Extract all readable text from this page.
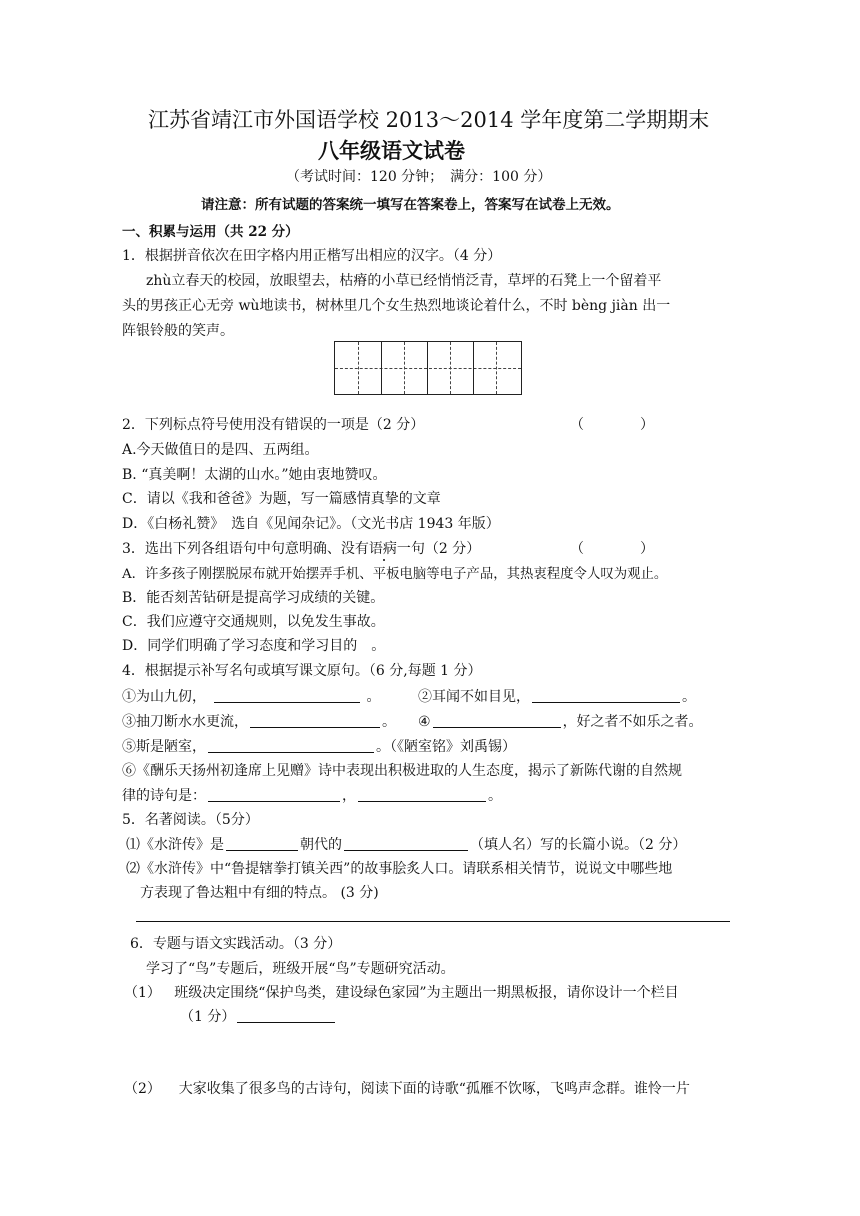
江苏省靖江市外国语学校 2013～2014 学年度第二学期期末
八年级语文试卷
（考试时间：120 分钟；　满分：100 分）
请注意：所有试题的答案统一填写在答案卷上，答案写在试卷上无效。
一、积累与运用（共 22 分）
1．根据拼音依次在田字格内用正楷写出相应的汉字。（4 分）
zhù立春天的校园，放眼望去，枯瘠的小草已经悄悄泛青，草坪的石凳上一个留着平
头的男孩正心无旁 wù地读书，树林里几个女生热烈地谈论着什么，不时 bèng jiàn 出一
阵银铃般的笑声。
2．下列标点符号使用没有错误的一项是（2 分）	（　　　　）
A.今天做值日的是四、五两组。
B. “真美啊！太湖的山水。”她由衷地赞叹。
C．请以《我和爸爸》为题，写一篇感情真挚的文章
D．《白杨礼赞》　选自《见闻杂记》。（文光书店 1943 年版）
3．选出下列各组语句中句意明确、没有语病一句（2 分）	（　　　　）
A．许多孩子刚摆脱尿布就开始摆弄手机、平板电脑等电子产品，其热衷程度令人叹为观止。
B．能否刻苦钻研是提高学习成绩的关键。
C．我们应遵守交通规则，以免发生事故。
D．同学们明确了学习态度和学习目的　。
4．根据提示补写名句或填写课文原句。（6 分,每题 1 分）
①为山九仞，	。	②耳闻不如目见，	。
③抽刀断水水更流，	。 ④	，好之者不如乐之者。
⑤斯是陋室，	。（《陋室铭》刘禹锡）
⑥《酬乐天扬州初逢席上见赠》诗中表现出积极进取的人生态度，揭示了新陈代谢的自然规
律的诗句是：	，	。
5．名著阅读。（5分）
⑴《水浒传》是	朝代的	（填人名）写的长篇小说。（2 分）
⑵《水浒传》中“鲁提辖拳打镇关西”的故事脍炙人口。请联系相关情节，说说文中哪些地
方表现了鲁达粗中有细的特点。 (3 分)
6．专题与语文实践活动。（3 分）
学习了“鸟”专题后，班级开展“鸟”专题研究活动。
（1） 班级决定围绕“保护鸟类，建设绿色家园”为主题出一期黑板报，请你设计一个栏目
（1 分）
（2） 大家收集了很多鸟的古诗句，阅读下面的诗歌“孤雁不饮啄，飞鸣声念群。谁怜一片
